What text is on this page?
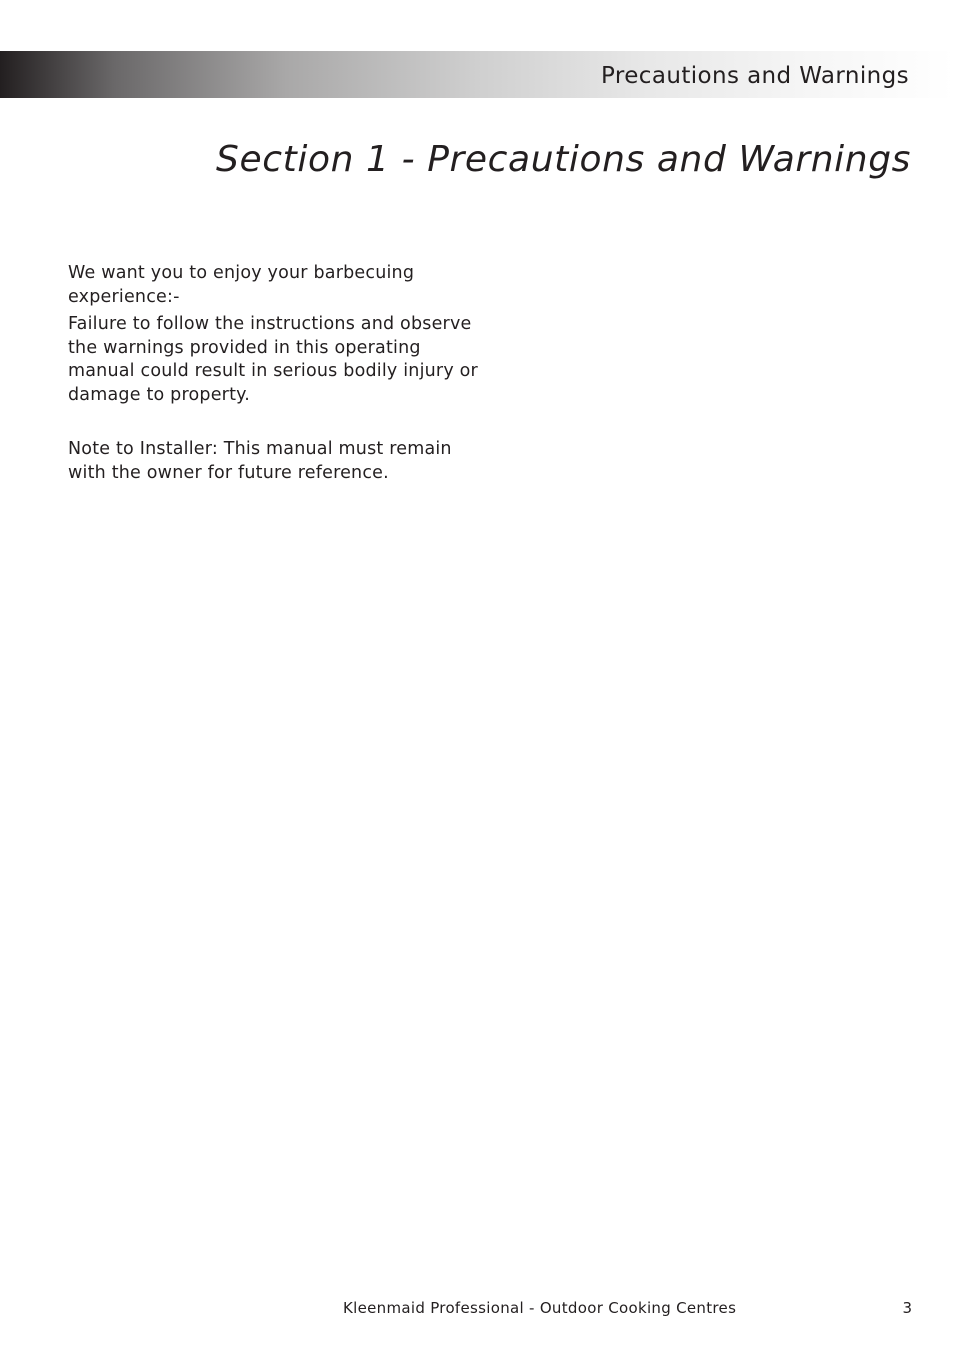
Precautions and Warnings
Section 1 - Precautions and Warnings

We want you to enjoy your barbecuing experience:-

Failure to follow the instructions and observe the warnings provided in this operating manual could result in serious bodily injury or damage to property.

Note to Installer: This manual must remain with the owner for future reference.

Kleenmaid Professional - Outdoor Cooking Centres	3
